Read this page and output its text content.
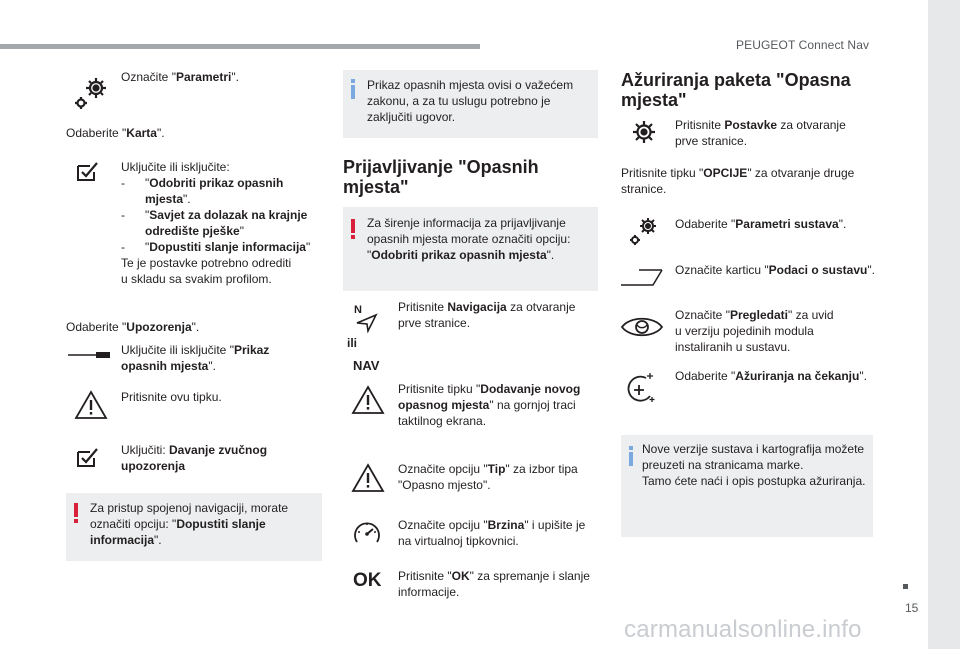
PEUGEOT Connect Nav
15
carmanualsonline.info
Označite "Parametri".
Odaberite "Karta".
Uključite ili isključite:
- "Odobriti prikaz opasnih
mjesta".
- "Savjet za dolazak na krajnje
odredište pješke"
- "Dopustiti slanje informacija"
Te je postavke potrebno odrediti
u skladu sa svakim profilom.
Odaberite "Upozorenja".
Uključite ili isključite "Prikaz
opasnih mjesta".
Pritisnite ovu tipku.
Uključiti: Davanje zvučnog
upozorenja
Za pristup spojenoj navigaciji, morate
označiti opciju: "Dopustiti slanje
informacija".
Prikaz opasnih mjesta ovisi o važećem
zakonu, a za tu uslugu potrebno je
zaključiti ugovor.
Prijavljivanje "Opasnih
mjesta"
Za širenje informacija za prijavljivanje
opasnih mjesta morate označiti opciju:
"Odobriti prikaz opasnih mjesta".
N
ili
NAV
Pritisnite Navigacija za otvaranje
prve stranice.
Pritisnite tipku "Dodavanje novog
opasnog mjesta" na gornjoj traci
taktilnog ekrana.
Označite opciju "Tip" za izbor tipa
"Opasno mjesto".
Označite opciju "Brzina" i upišite je
na virtualnoj tipkovnici.
OK Pritisnite "OK" za spremanje i slanje
informacije.
Ažuriranja paketa "Opasna
mjesta"
Pritisnite Postavke za otvaranje
prve stranice.
Pritisnite tipku "OPCIJE" za otvaranje druge
stranice.
Odaberite "Parametri sustava".
Označite karticu "Podaci o sustavu".
Označite "Pregledati" za uvid
u verziju pojedinih modula
instaliranih u sustavu.
Odaberite "Ažuriranja na čekanju".
Nove verzije sustava i kartografija možete
preuzeti na stranicama marke.
Tamo ćete naći i opis postupka ažuriranja.
